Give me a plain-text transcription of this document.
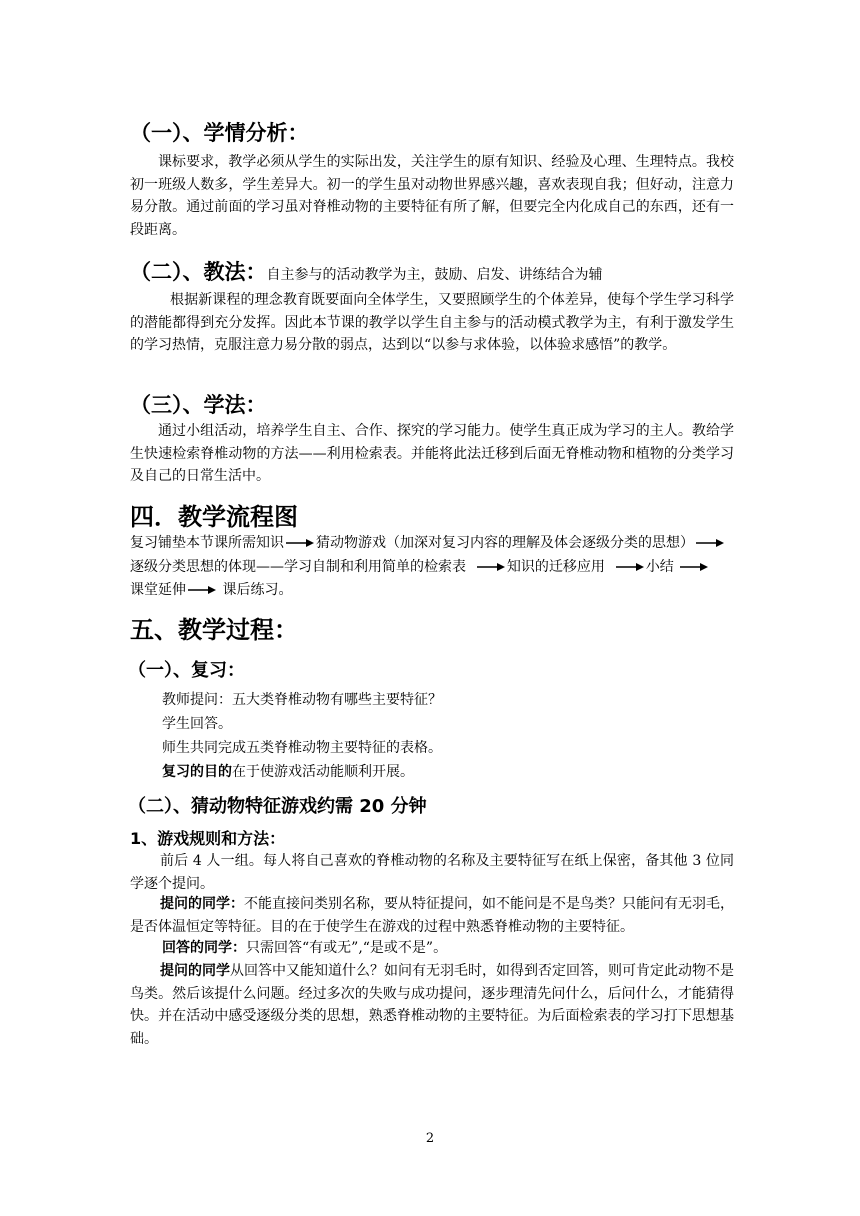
（一）、学情分析：
课标要求，教学必须从学生的实际出发，关注学生的原有知识、经验及心理、生理特点。我校初一班级人数多，学生差异大。初一的学生虽对动物世界感兴趣，喜欢表现自我；但好动，注意力易分散。通过前面的学习虽对脊椎动物的主要特征有所了解，但要完全内化成自己的东西，还有一段距离。
（二）、教法：自主参与的活动教学为主，鼓励、启发、讲练结合为辅
根据新课程的理念教育既要面向全体学生，又要照顾学生的个体差异，使每个学生学习科学的潜能都得到充分发挥。因此本节课的教学以学生自主参与的活动模式教学为主，有利于激发学生的学习热情，克服注意力易分散的弱点，达到以“以参与求体验，以体验求感悟”的教学。
（三）、学法：
通过小组活动，培养学生自主、合作、探究的学习能力。使学生真正成为学习的主人。教给学生快速检索脊椎动物的方法——利用检索表。并能将此法迁移到后面无脊椎动物和植物的分类学习及自己的日常生活中。
四．教学流程图
复习铺垫本节课所需知识 猜动物游戏（加深对复习内容的理解及体会逐级分类的思想）
逐级分类思想的体现——学习自制和利用简单的检索表	知识的迁移应用	小结
课堂延伸	课后练习。
五、教学过程：
（一）、复习：
教师提问：五大类脊椎动物有哪些主要特征？
学生回答。
师生共同完成五类脊椎动物主要特征的表格。
复习的目的在于使游戏活动能顺利开展。
（二）、猜动物特征游戏约需 20 分钟
1、游戏规则和方法：
前后 4 人一组。每人将自己喜欢的脊椎动物的名称及主要特征写在纸上保密，备其他 3 位同学逐个提问。
提问的同学：不能直接问类别名称，要从特征提问，如不能问是不是鸟类？只能问有无羽毛，是否体温恒定等特征。目的在于使学生在游戏的过程中熟悉脊椎动物的主要特征。
回答的同学：只需回答“有或无”,“是或不是”。
提问的同学从回答中又能知道什么？如问有无羽毛时，如得到否定回答，则可肯定此动物不是鸟类。然后该提什么问题。经过多次的失败与成功提问，逐步理清先问什么，后问什么，才能猜得快。并在活动中感受逐级分类的思想，熟悉脊椎动物的主要特征。为后面检索表的学习打下思想基础。
2
